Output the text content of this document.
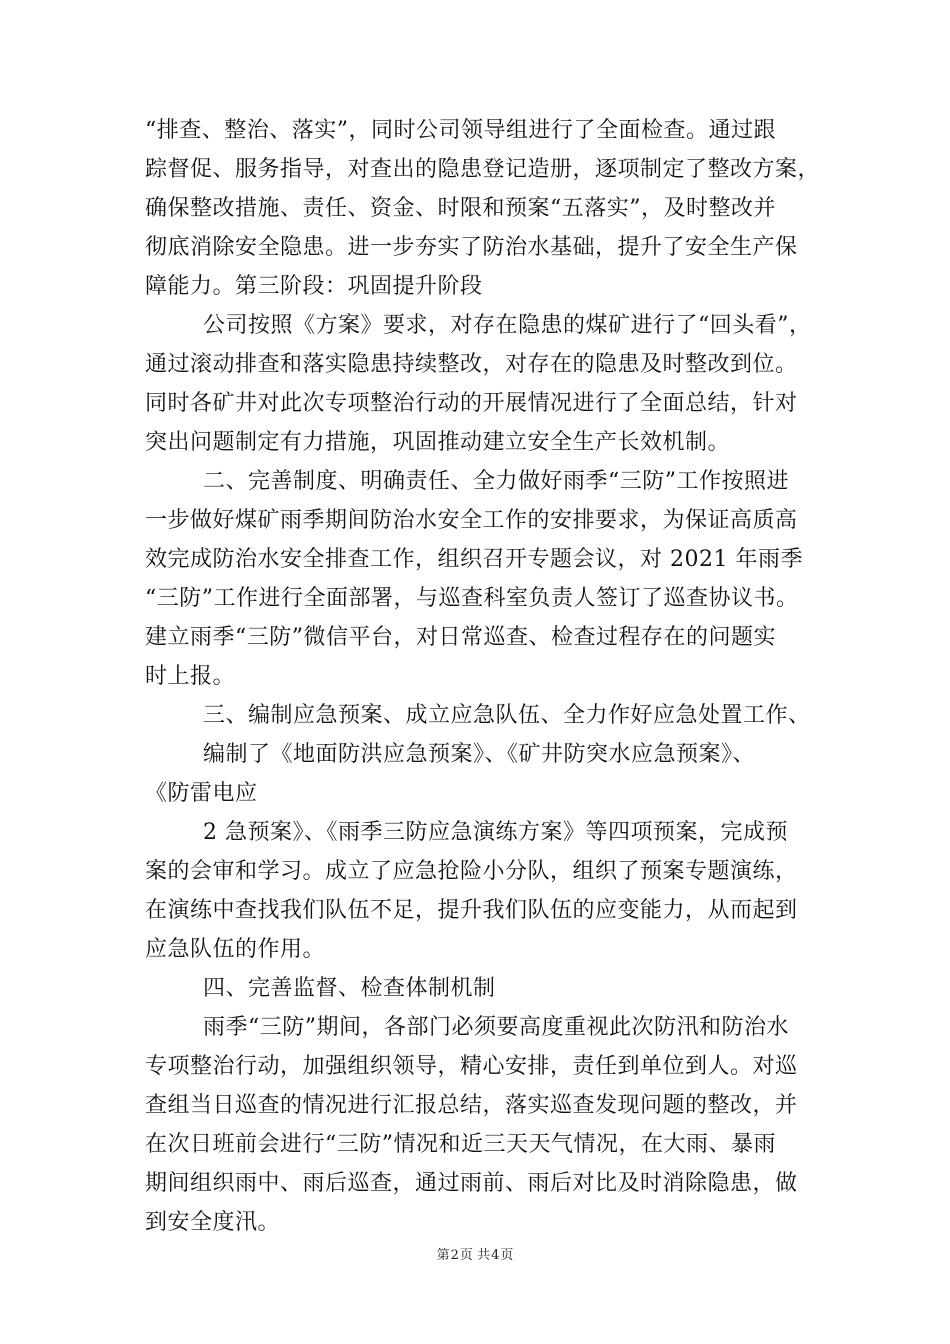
“排查、整治、落实”，同时公司领导组进行了全面检查。通过跟
踪督促、服务指导，对查出的隐患登记造册，逐项制定了整改方案，
确保整改措施、责任、资金、时限和预案“五落实”，及时整改并
彻底消除安全隐患。进一步夯实了防治水基础，提升了安全生产保
障能力。第三阶段：巩固提升阶段
公司按照《方案》要求，对存在隐患的煤矿进行了“回头看”，
通过滚动排查和落实隐患持续整改，对存在的隐患及时整改到位。
同时各矿井对此次专项整治行动的开展情况进行了全面总结，针对
突出问题制定有力措施，巩固推动建立安全生产长效机制。
二、完善制度、明确责任、全力做好雨季“三防”工作按照进
一步做好煤矿雨季期间防治水安全工作的安排要求，为保证高质高
效完成防治水安全排查工作，组织召开专题会议，对 2021 年雨季
“三防”工作进行全面部署，与巡查科室负责人签订了巡查协议书。
建立雨季“三防”微信平台，对日常巡查、检查过程存在的问题实
时上报。
三、编制应急预案、成立应急队伍、全力作好应急处置工作、
编制了《地面防洪应急预案》、《矿井防突水应急预案》、
《防雷电应
2 急预案》、《雨季三防应急演练方案》等四项预案，完成预
案的会审和学习。成立了应急抢险小分队，组织了预案专题演练，
在演练中查找我们队伍不足，提升我们队伍的应变能力，从而起到
应急队伍的作用。
四、完善监督、检查体制机制
雨季“三防”期间，各部门必须要高度重视此次防汛和防治水
专项整治行动，加强组织领导，精心安排，责任到单位到人。对巡
查组当日巡查的情况进行汇报总结，落实巡查发现问题的整改，并
在次日班前会进行“三防”情况和近三天天气情况，在大雨、暴雨
期间组织雨中、雨后巡查，通过雨前、雨后对比及时消除隐患，做
到安全度汛。
第2页 共4页
